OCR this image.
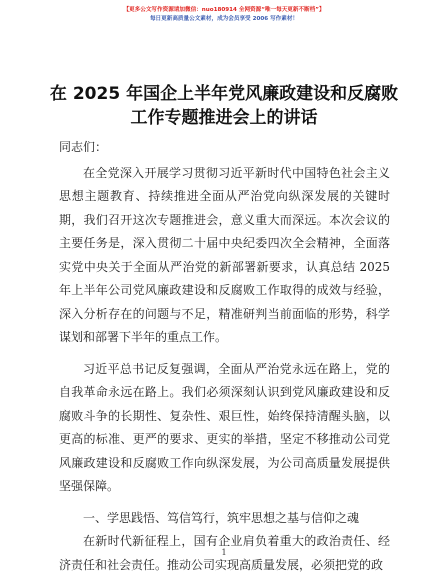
【更多公文写作资源请加微信：nuo180914 全网资源“唯一每天更新不断档”】
每日更新高质量公文素材，成为会员享受 2006 写作素材！
在 2025 年国企上半年党风廉政建设和反腐败工作专题推进会上的讲话

同志们：

在全党深入开展学习贯彻习近平新时代中国特色社会主义思想主题教育、持续推进全面从严治党向纵深发展的关键时期，我们召开这次专题推进会，意义重大而深远。本次会议的主要任务是，深入贯彻二十届中央纪委四次全会精神，全面落实党中央关于全面从严治党的新部署新要求，认真总结 2025 年上半年公司党风廉政建设和反腐败工作取得的成效与经验，深入分析存在的问题与不足，精准研判当前面临的形势，科学谋划和部署下半年的重点工作。

习近平总书记反复强调，全面从严治党永远在路上，党的自我革命永远在路上。我们必须深刻认识到党风廉政建设和反腐败斗争的长期性、复杂性、艰巨性，始终保持清醒头脑，以更高的标准、更严的要求、更实的举措，坚定不移推动公司党风廉政建设和反腐败工作向纵深发展，为公司高质量发展提供坚强保障。

一、学思践悟、笃信笃行，筑牢思想之基与信仰之魂

在新时代新征程上，国有企业肩负着重大的政治责任、经济责任和社会责任。推动公司实现高质量发展，必须把党的政

1
